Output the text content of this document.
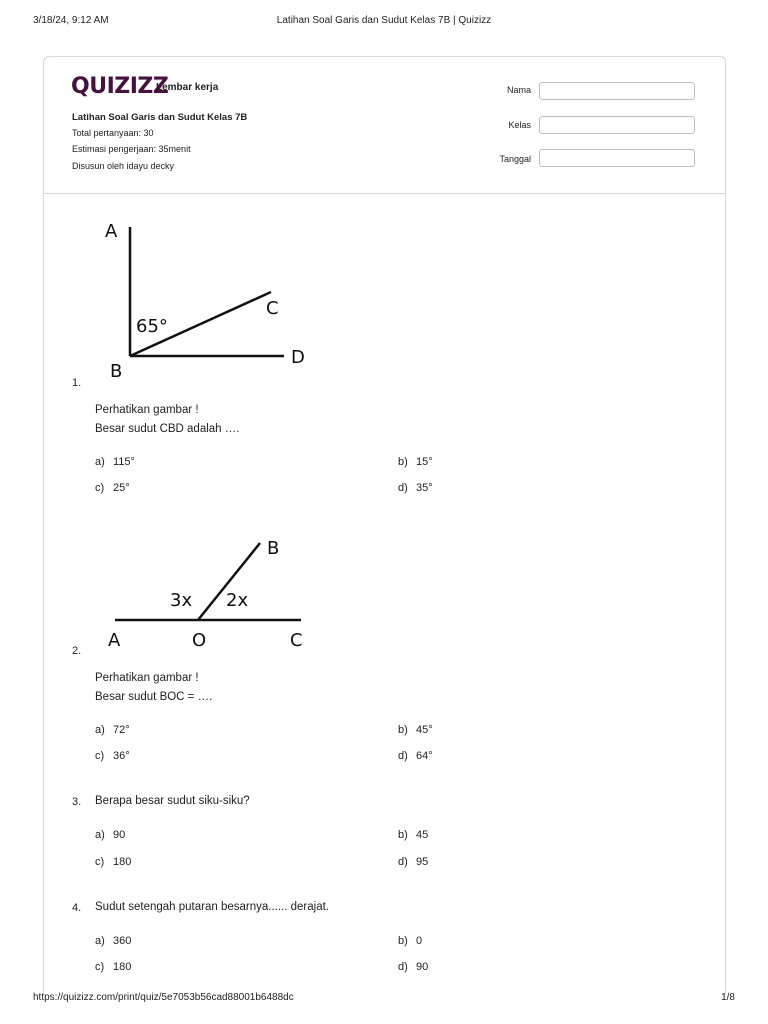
3/18/24, 9:12 AM	Latihan Soal Garis dan Sudut Kelas 7B | Quizizz
QUIZIZZ
Lembar kerja
Latihan Soal Garis dan Sudut Kelas 7B
Total pertanyaan: 30
Estimasi pengerjaan: 35menit
Disusun oleh idayu decky
Nama
Kelas
Tanggal
A
B
C
D
65°
1.
Perhatikan gambar !
Besar sudut CBD adalah ….
a) 115°	b) 15°
c) 25°	d) 35°
A	O	C
B
3x 2x
2.
Perhatikan gambar !
Besar sudut BOC = ….
a) 72°	b) 45°
c) 36°	d) 64°
3. Berapa besar sudut siku-siku?
a) 90	b) 45
c) 180	d) 95
4. Sudut setengah putaran besarnya...... derajat.
a) 360	b) 0
c) 180	d) 90
https://quizizz.com/print/quiz/5e7053b56cad88001b6488dc	1/8
